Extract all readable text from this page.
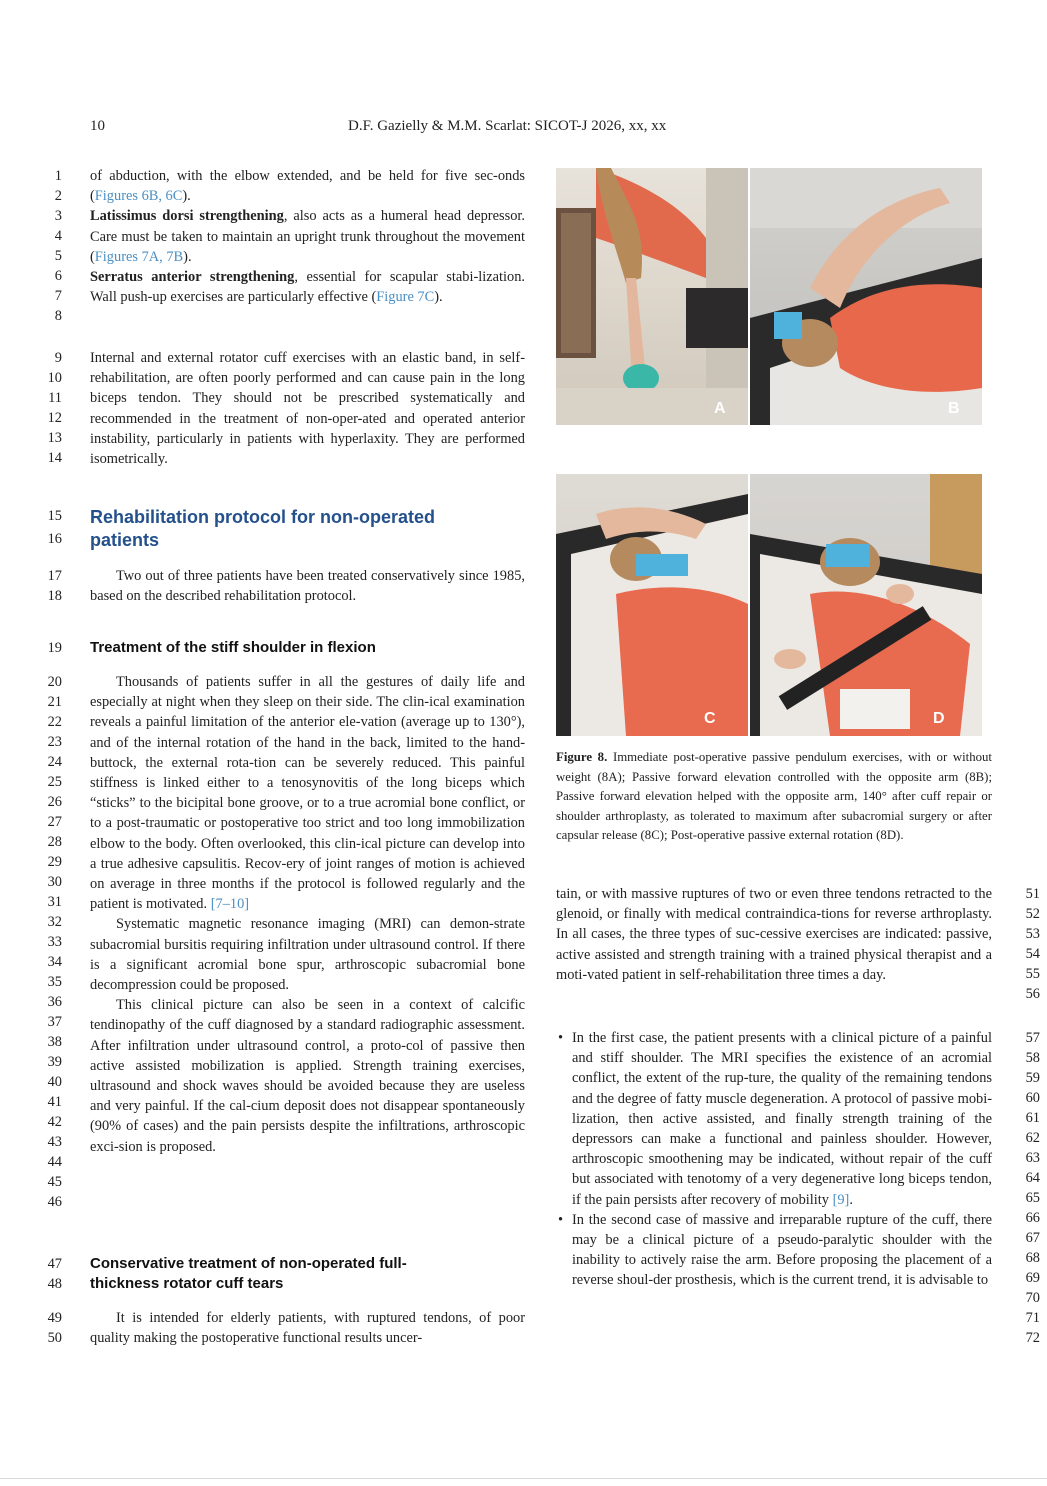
10	D.F. Gazielly & M.M. Scarlat: SICOT-J 2026, xx, xx
1
2
3
4
5
6
7
8
9
10
11
12
13
14
15
16
17
18
19
20
21
22
23
24
25
26
27
28
29
30
31
32
33
34
35
36
37
38
39
40
41
42
43
44
45
46
47
48
49
50
51
52
53
54
55
56
57
58
59
60
61
62
63
64
65
66
67
68
69
70
71
72

of abduction, with the elbow extended, and be held for five sec-onds (Figures 6B, 6C).

Latissimus dorsi strengthening, also acts as a humeral head depressor. Care must be taken to maintain an upright trunk throughout the movement (Figures 7A, 7B).

Serratus anterior strengthening, essential for scapular stabi-lization. Wall push-up exercises are particularly effective (Figure 7C).

Internal and external rotator cuff exercises with an elastic band, in self-rehabilitation, are often poorly performed and can cause pain in the long biceps tendon. They should not be prescribed systematically and recommended in the treatment of non-oper-ated and operated anterior instability, particularly in patients with hyperlaxity. They are performed isometrically.

Rehabilitation protocol for non-operated
patients

Two out of three patients have been treated conservatively since 1985, based on the described rehabilitation protocol.

Treatment of the stiff shoulder in flexion

Thousands of patients suffer in all the gestures of daily life and especially at night when they sleep on their side. The clin-ical examination reveals a painful limitation of the anterior ele-vation (average up to 130°), and of the internal rotation of the hand in the back, limited to the hand-buttock, the external rota-tion can be severely reduced. This painful stiffness is linked either to a tenosynovitis of the long biceps which “sticks” to the bicipital bone groove, or to a true acromial bone conflict, or to a post-traumatic or postoperative too strict and too long immobilization elbow to the body. Often overlooked, this clin-ical picture can develop into a true adhesive capsulitis. Recov-ery of joint ranges of motion is achieved on average in three months if the protocol is followed regularly and the patient is motivated. [7–10]

Systematic magnetic resonance imaging (MRI) can demon-strate subacromial bursitis requiring infiltration under ultrasound control. If there is a significant acromial bone spur, arthroscopic subacromial bone decompression could be proposed.

This clinical picture can also be seen in a context of calcific tendinopathy of the cuff diagnosed by a standard radiographic assessment. After infiltration under ultrasound control, a proto-col of passive then active assisted mobilization is applied. Strength training exercises, ultrasound and shock waves should be avoided because they are useless and very painful. If the cal-cium deposit does not disappear spontaneously (90% of cases) and the pain persists despite the infiltrations, arthroscopic exci-sion is proposed.

Conservative treatment of non-operated full-
thickness rotator cuff tears

It is intended for elderly patients, with ruptured tendons, of poor quality making the postoperative functional results uncer-

A	B
C	D
Figure 8. Immediate post-operative passive pendulum exercises, with or without weight (8A); Passive forward elevation controlled with the opposite arm (8B); Passive forward elevation helped with the opposite arm, 140° after cuff repair or shoulder arthroplasty, as tolerated to maximum after subacromial surgery or after capsular release (8C); Post-operative passive external rotation (8D).

tain, or with massive ruptures of two or even three tendons retracted to the glenoid, or finally with medical contraindica-tions for reverse arthroplasty. In all cases, the three types of suc-cessive exercises are indicated: passive, active assisted and strength training with a trained physical therapist and a moti-vated patient in self-rehabilitation three times a day.

• In the first case, the patient presents with a clinical picture of a painful and stiff shoulder. The MRI specifies the existence of an acromial conflict, the extent of the rup-ture, the quality of the remaining tendons and the degree of fatty muscle degeneration. A protocol of passive mobi-lization, then active assisted, and finally strength training of the depressors can make a functional and painless shoulder. However, arthroscopic smoothening may be indicated, without repair of the cuff but associated with tenotomy of a very degenerative long biceps tendon, if the pain persists after recovery of mobility [9].
• In the second case of massive and irreparable rupture of the cuff, there may be a clinical picture of a pseudo-paralytic shoulder with the inability to actively raise the arm. Before proposing the placement of a reverse shoul-der prosthesis, which is the current trend, it is advisable to
